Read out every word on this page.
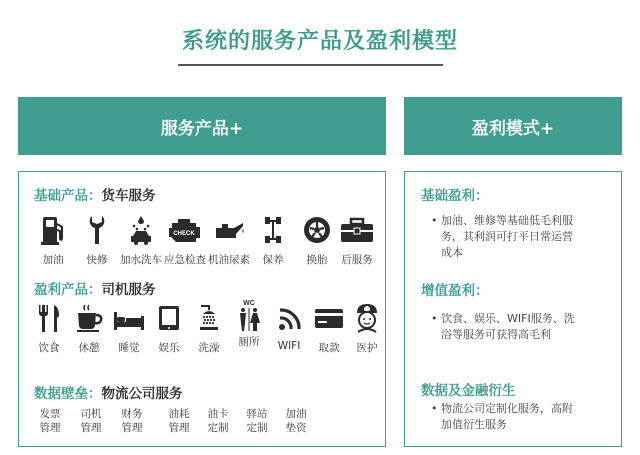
系统的服务产品及盈利模型
服务产品+	盈利模式+
基础产品：货车服务
加油	快修	加水洗车
CHECK
应急检查 机油尿素	保养	换胎	后服务
盈利产品：司机服务
饮食	休憩	睡觉	娱乐	洗澡
WC
厕所	WIFI	取款	医护
数据壁垒：物流公司服务
发票
管理
司机
管理
财务
管理
油耗
管理
油卡
定制
驿站
定制
加油
垫资
基础盈利：
• 加油、维修等基础低毛利服
务，其利润可打平日常运营
成本
增值盈利：
• 饮食、娱乐、WIFI服务、洗
浴等服务可获得高毛利
数据及金融衍生
• 物流公司定制化服务，高附
加值衍生服务
